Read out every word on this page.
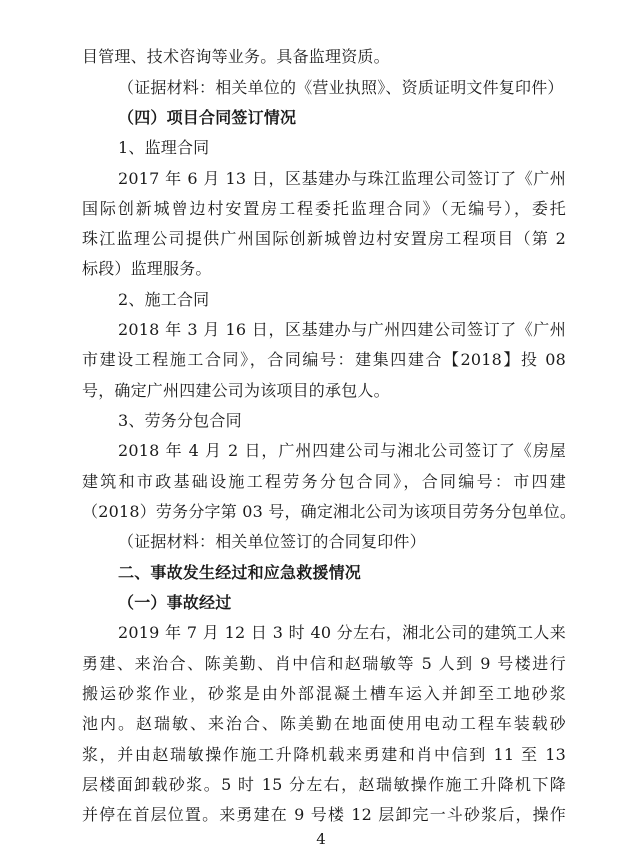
目管理、技术咨询等业务。具备监理资质。
（证据材料：相关单位的《营业执照》、资质证明文件复印件）
（四）项目合同签订情况
1、监理合同
2017 年 6 月 13 日，区基建办与珠江监理公司签订了《广州
国际创新城曾边村安置房工程委托监理合同》（无编号），委托
珠江监理公司提供广州国际创新城曾边村安置房工程项目（第 2
标段）监理服务。
2、施工合同
2018 年 3 月 16 日，区基建办与广州四建公司签订了《广州
市建设工程施工合同》，合同编号：建集四建合【2018】投 08
号，确定广州四建公司为该项目的承包人。
3、劳务分包合同
2018 年 4 月 2 日，广州四建公司与湘北公司签订了《房屋
建筑和市政基础设施工程劳务分包合同》，合同编号：市四建
（2018）劳务分字第 03 号，确定湘北公司为该项目劳务分包单位。
（证据材料：相关单位签订的合同复印件）
二、事故发生经过和应急救援情况
（一）事故经过
2019 年 7 月 12 日 3 时 40 分左右，湘北公司的建筑工人来
勇建、来治合、陈美勤、肖中信和赵瑞敏等 5 人到 9 号楼进行
搬运砂浆作业，砂浆是由外部混凝土槽车运入并卸至工地砂浆
池内。赵瑞敏、来治合、陈美勤在地面使用电动工程车装载砂
浆，并由赵瑞敏操作施工升降机载来勇建和肖中信到 11 至 13
层楼面卸载砂浆。5 时 15 分左右，赵瑞敏操作施工升降机下降
并停在首层位置。来勇建在 9 号楼 12 层卸完一斗砂浆后，操作
4
